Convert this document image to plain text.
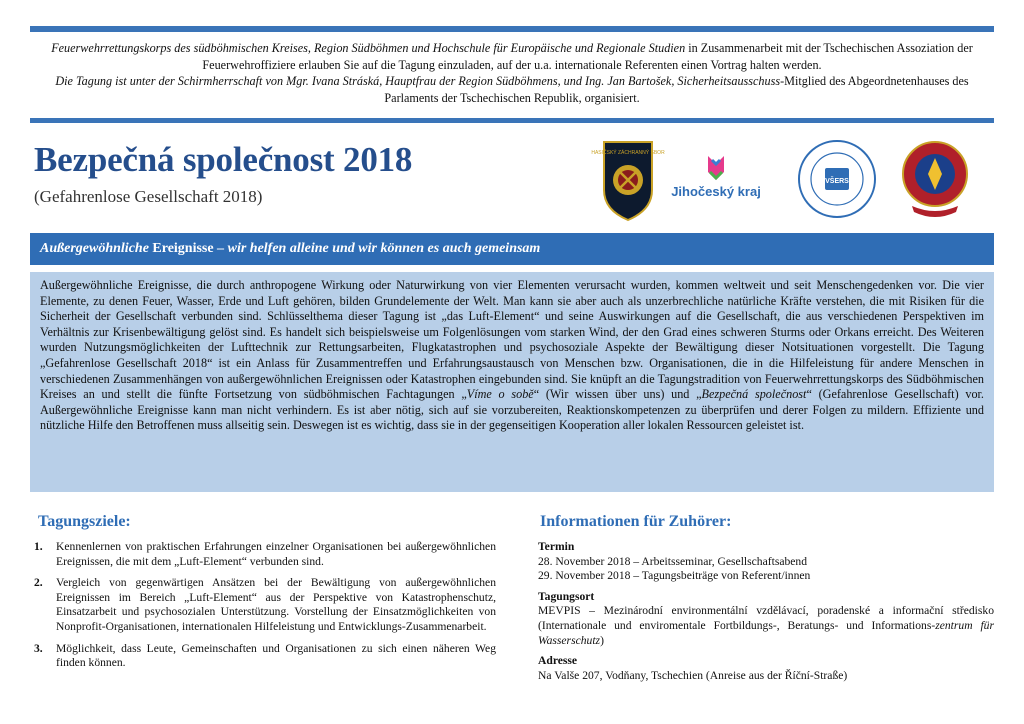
Feuerwehrrettungskorps des südböhmischen Kreises, Region Südböhmen und Hochschule für Europäische und Regionale Studien in Zusammenarbeit mit der Tschechischen Assoziation der Feuerwehroffiziere erlauben Sie auf die Tagung einzuladen, auf der u.a. internationale Referenten einen Vortrag halten werden.
Die Tagung ist unter der Schirmherrschaft von Mgr. Ivana Stráská, Hauptfrau der Region Südböhmens, und Ing. Jan Bartošek, Sicherheitsausschuss-Mitglied des Abgeordnetenhauses des Parlaments der Tschechischen Republik, organisiert.
Bezpečná společnost 2018
(Gefahrenlose Gesellschaft 2018)
HASIČSKÝ ZÁCHRANNÝ SBOR
Jihočeský kraj
VŠERS
Außergewöhnliche Ereignisse – wir helfen alleine und wir können es auch gemeinsam
Außergewöhnliche Ereignisse, die durch anthropogene Wirkung oder Naturwirkung von vier Elementen verursacht wurden, kommen weltweit und seit Menschengedenken vor. Die vier Elemente, zu denen Feuer, Wasser, Erde und Luft gehören, bilden Grundelemente der Welt. Man kann sie aber auch als unzerbrechliche natürliche Kräfte verstehen, die mit Risiken für die Sicherheit der Gesellschaft verbunden sind. Schlüsselthema dieser Tagung ist „das Luft-Element“ und seine Auswirkungen auf die Gesellschaft, die aus verschiedenen Perspektiven im Verhältnis zur Krisenbewältigung gelöst sind. Es handelt sich beispielsweise um Folgenlösungen vom starken Wind, der den Grad eines schweren Sturms oder Orkans erreicht. Des Weiteren wurden Nutzungsmöglichkeiten der Lufttechnik zur Rettungsarbeiten, Flugkatastrophen und psychosoziale Aspekte der Bewältigung dieser Notsituationen vorgestellt. Die Tagung „Gefahrenlose Gesellschaft 2018“ ist ein Anlass für Zusammentreffen und Erfahrungsaustausch von Menschen bzw. Organisationen, die in die Hilfeleistung für andere Menschen in verschiedenen Zusammenhängen von außergewöhnlichen Ereignissen oder Katastrophen eingebunden sind. Sie knüpft an die Tagungstradition von Feuerwehrrettungskorps des Südböhmischen Kreises an und stellt die fünfte Fortsetzung von südböhmischen Fachtagungen „Víme o sobě“ (Wir wissen über uns) und „Bezpečná společnost“ (Gefahrenlose Gesellschaft) vor. Außergewöhnliche Ereignisse kann man nicht verhindern. Es ist aber nötig, sich auf sie vorzubereiten, Reaktionskompetenzen zu überprüfen und derer Folgen zu mildern. Effiziente und nützliche Hilfe den Betroffenen muss allseitig sein. Deswegen ist es wichtig, dass sie in der gegenseitigen Kooperation aller lokalen Ressourcen geleistet ist.
Tagungsziele:
1.	Kennenlernen von praktischen Erfahrungen einzelner Organisationen bei außergewöhnlichen Ereignissen, die mit dem „Luft-Element“ verbunden sind.
2.	Vergleich von gegenwärtigen Ansätzen bei der Bewältigung von außergewöhnlichen Ereignissen im Bereich „Luft-Element“ aus der Perspektive von Katastrophenschutz, Einsatzarbeit und psychosozialen Unterstützung. Vorstellung der Einsatzmöglichkeiten von Nonprofit-Organisationen, internationalen Hilfeleistung und Entwicklungs-Zusammenarbeit.
3.	Möglichkeit, dass Leute, Gemeinschaften und Organisationen zu sich einen näheren Weg finden können.
Informationen für Zuhörer:
Termin
28. November 2018 – Arbeitsseminar, Gesellschaftsabend
29. November 2018 – Tagungsbeiträge von Referent/innen
Tagungsort
MEVPIS – Mezinárodní environmentální vzdělávací, poradenské a informační středisko (Internationale und enviromentale Fortbildungs-, Beratungs- und Informations-zentrum für Wasserschutz)
Adresse
Na Valše 207, Vodňany, Tschechien (Anreise aus der Říční-Straße)
